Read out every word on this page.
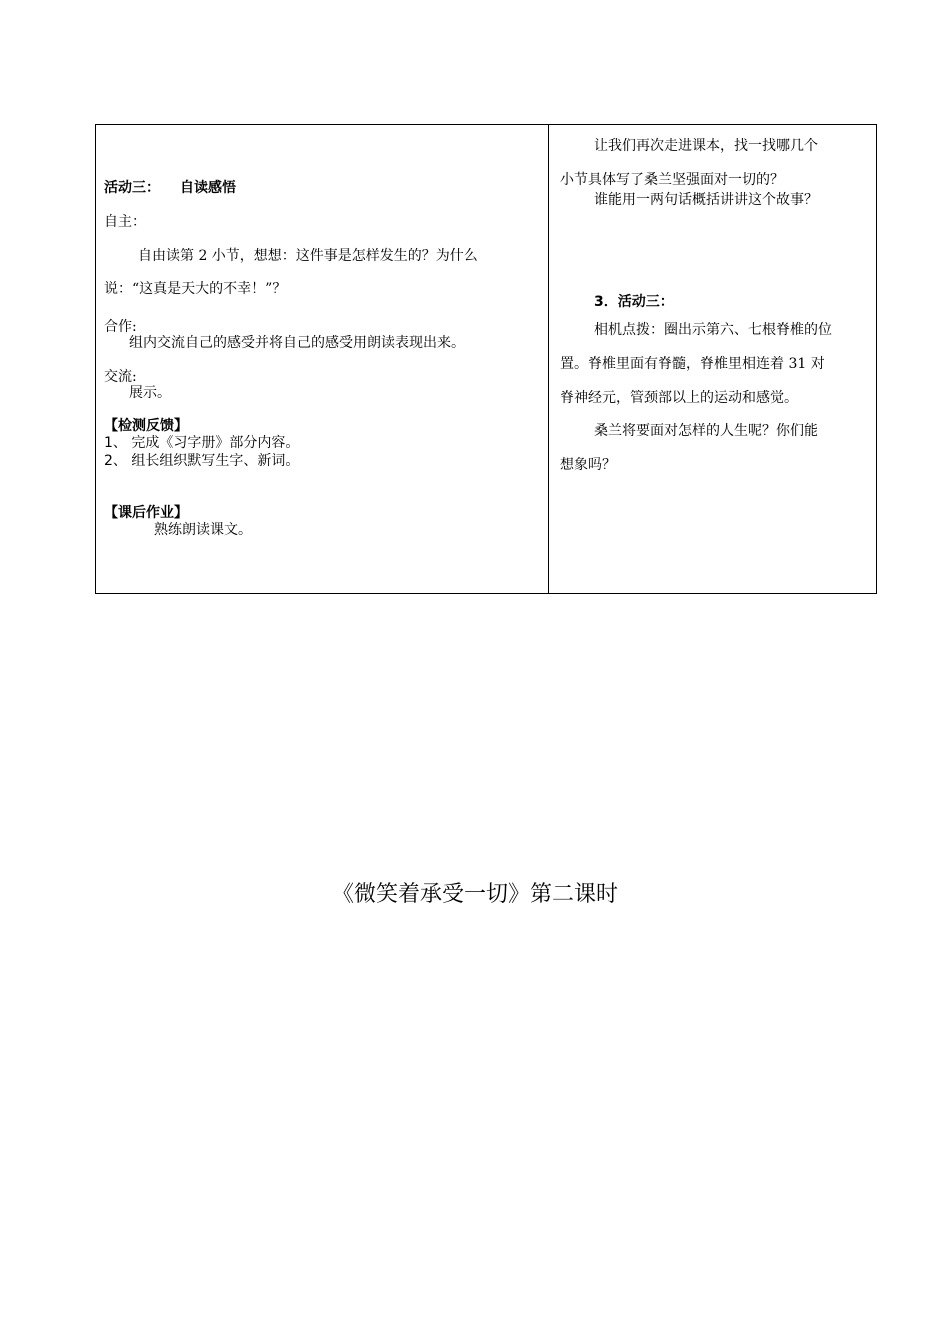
活动三： 自读感悟
自主：
自由读第 2 小节，想想：这件事是怎样发生的？为什么
说：“这真是天大的不幸！”？
合作:
组内交流自己的感受并将自己的感受用朗读表现出来。
交流:
展示。
【检测反馈】
1、 完成《习字册》部分内容。
2、 组长组织默写生字、新词。
【课后作业】
熟练朗读课文。
让我们再次走进课本，找一找哪几个
小节具体写了桑兰坚强面对一切的？
谁能用一两句话概括讲讲这个故事？
3．活动三：
相机点拨：圈出示第六、七根脊椎的位
置。脊椎里面有脊髓，脊椎里相连着 31 对
脊神经元，管颈部以上的运动和感觉。
桑兰将要面对怎样的人生呢？你们能
想象吗？
《微笑着承受一切》第二课时
